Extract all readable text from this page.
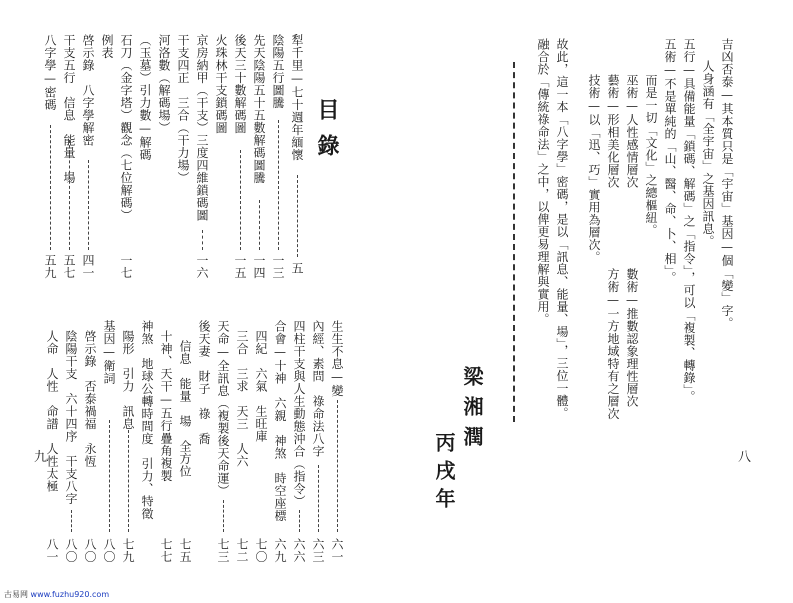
犁千里—七十週年緬懷
陰陽五行圖騰
先天陰陽五十五數解碼圖騰
後天三十數解碼圖
火珠林干支鎖碼圖
京房納甲（干支）三度四維鎖碼圖
干支四正　三合（干力場）
河洛數（解碼場）
（玉墓）引力數—解碼
石刀（金字塔）觀念（七位解碼）
例表
啓示錄　八字學解密
干支五行　信息　能量　場
八字學—密碼
五
一三
一四
一五
一六
一七
四一
五七
五九
生生不息—變
內經、素問　祿命法八字
四柱干支與人生動態沖合（指令）
合會—十神　六親　神煞　時空座標
四紀　六氣　生旺庫
三合　三求　天三　人六
天命—全訊息（複製後天命運）
後天妻　財子　祿　喬
信息　能量　場　全方位
十神、天干—五行疊角複製
神煞　地球公轉時間度　引力、特徵
陽形　引力　訊息
基因—衛詞
啓示錄　否泰禍福　永恆
陰陽干支　六十四序　干支八字
人命　人性　命譜　人性太極
六一
六三
六六
六九
七〇
七二
七三
七五
七七
七九
八〇
八〇
八〇
八一
目錄
九
吉凶否泰—其本質只是「宇宙」基因—個「變」字。
人身涵有「全宇宙」之基因訊息。
五行—具備能量「鎖碼、解碼」之「指令」，可以「複製、轉錄」。
五術—不是單純的「山、醫、命、卜、相」。
而是一切「文化」之總樞紐。
巫術—人性感情層次
藝術—形相美化層次
技術—以「迅、巧」實用為層次。
數術—推數認象理性層次
方術—一方地域特有之層次
故此，這一本「八字學」密碼，是以「訊息、能量、場」，三位一體。
融合於「傳統祿命法」之中，以俾更易理解與實用。
梁湘潤
丙戌年	八
古易网 www.fuzhu920.com
